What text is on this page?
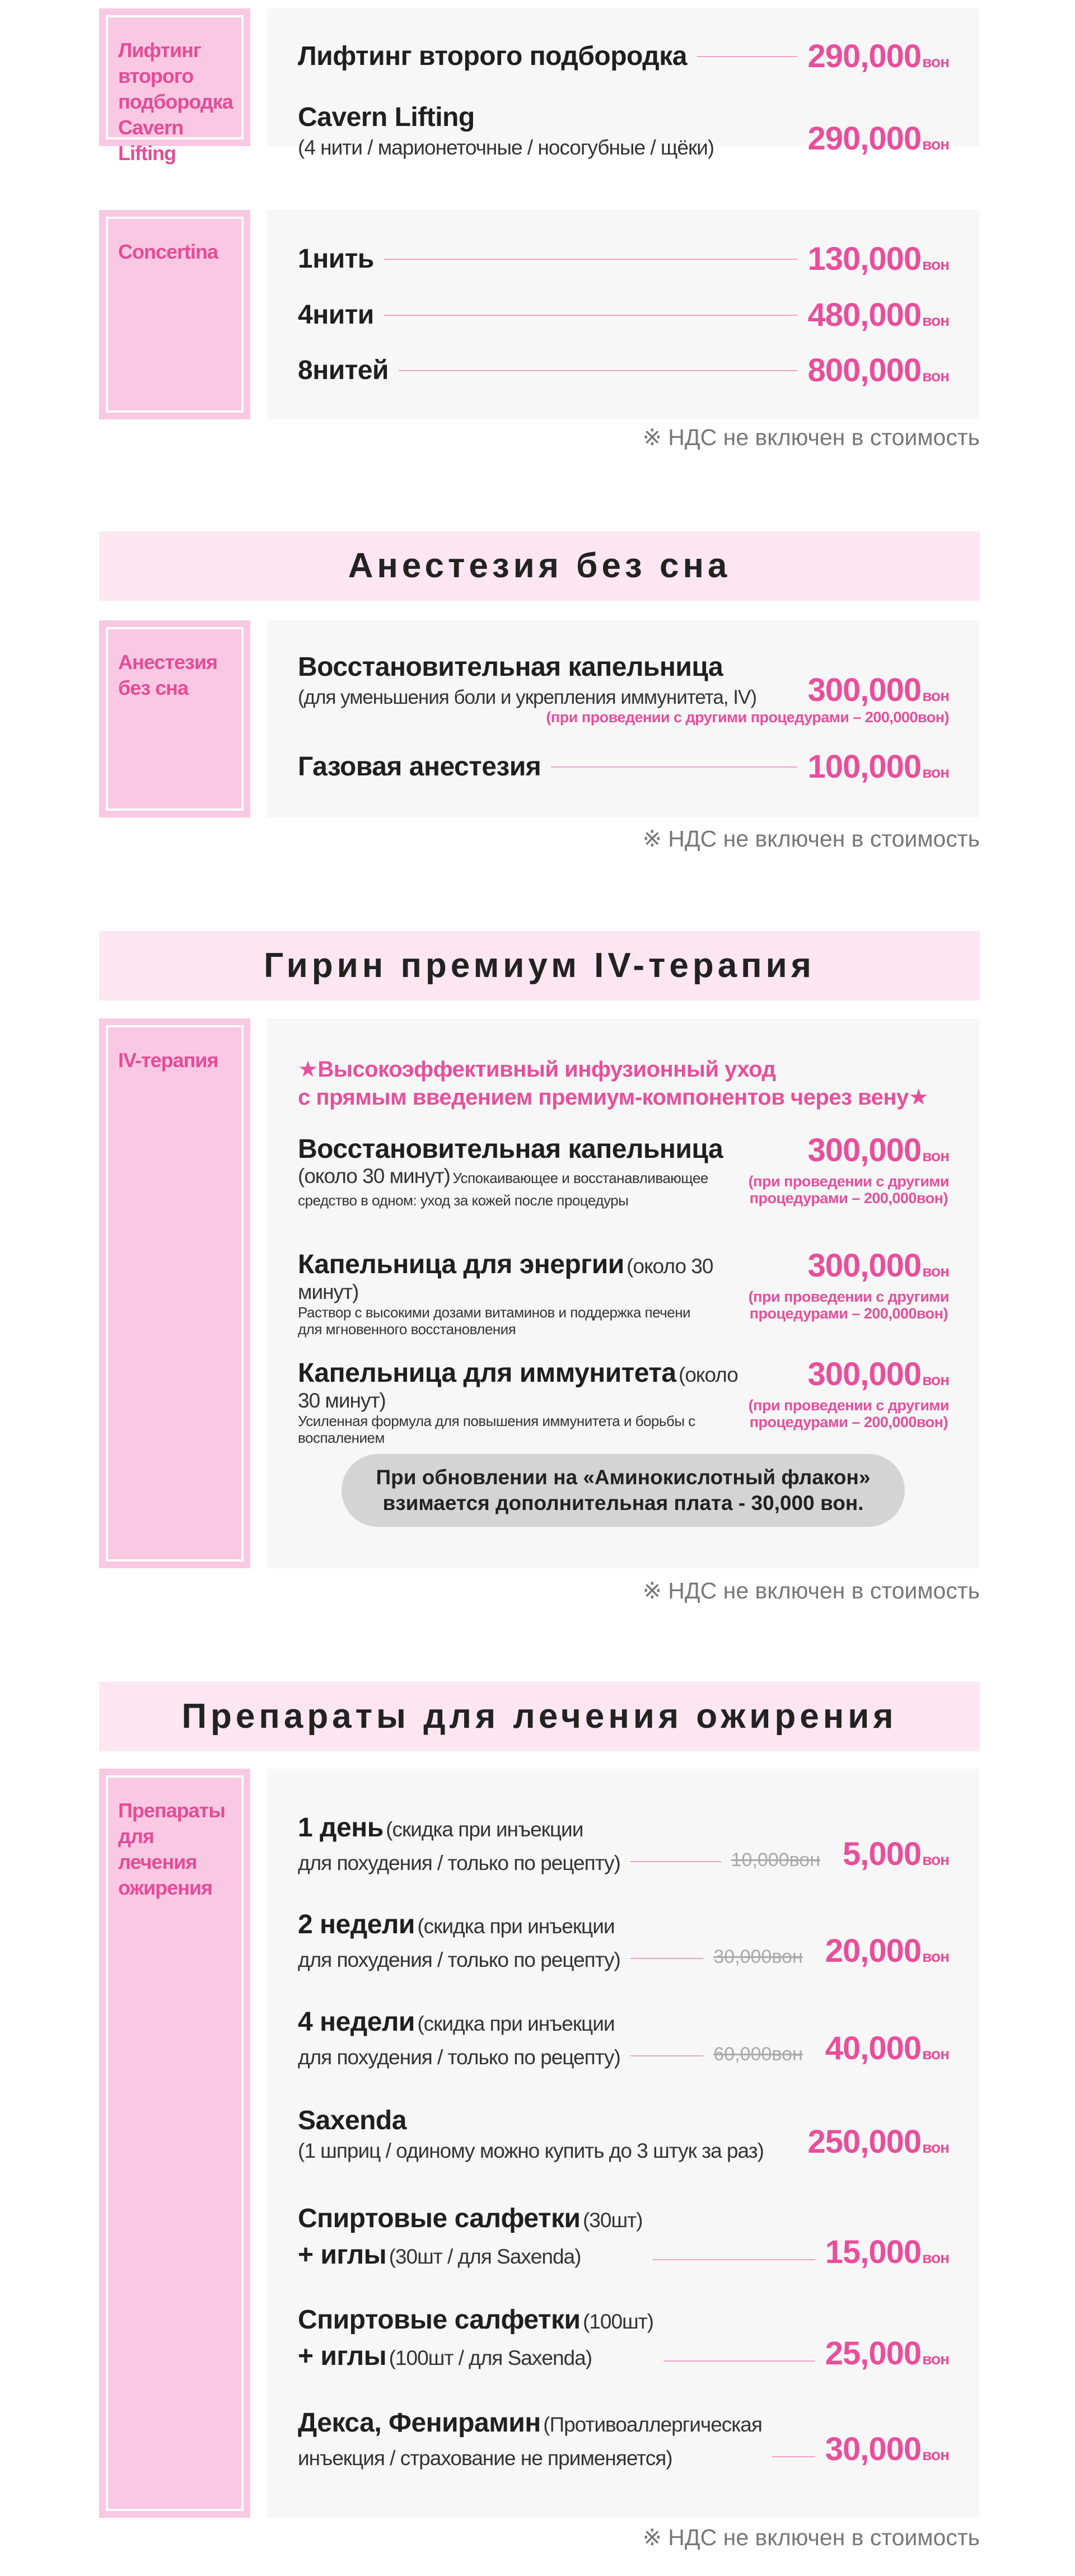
Лифтинг второго подбородка Cavern Lifting
Лифтинг второго подбородка	290,000вон
Cavern Lifting
(4 нити / марионеточные / носогубные / щёки)	290,000вон
Concertina	1нить	130,000вон
4нити	480,000вон
8нитей	800,000вон
※ НДС не включен в стоимость
Анестезия без сна
Анестезия без сна
Восстановительная капельница
(для уменьшения боли и укрепления иммунитета, IV)	300,000вон
(при проведении с другими процедурами – 200,000вон)
Газовая анестезия	100,000вон
※ НДС не включен в стоимость
Гирин премиум IV-терапия
IV-терапия	★Высокоэффективный инфузионный уход
с прямым введением премиум-компонентов через вену★
Восстановительная капельница
(около 30 минут) Успокаивающее и восстанавливающее
средство в одном: уход за кожей после процедуры
300,000вон
(при проведении с другими
процедурами – 200,000вон)
Капельница для энергии (около 30 минут)
Раствор с высокими дозами витаминов и поддержка печени
для мгновенного восстановления
300,000вон
(при проведении с другими
процедурами – 200,000вон)
Капельница для иммунитета (около 30 минут)
Усиленная формула для повышения иммунитета и борьбы с воспалением
300,000вон
(при проведении с другими
процедурами – 200,000вон)
При обновлении на «Аминокислотный флакон»
взимается дополнительная плата - 30,000 вон.
※ НДС не включен в стоимость
Препараты для лечения ожирения
Препараты для лечения ожирения
1 день (скидка при инъекции
для похудения / только по рецепту)	10,000вон 5,000вон
2 недели (скидка при инъекции
для похудения / только по рецепту)	30,000вон 20,000вон
4 недели (скидка при инъекции
для похудения / только по рецепту)	60,000вон 40,000вон
Saxenda
(1 шприц / одиному можно купить до 3 штук за раз)	250,000вон
Спиртовые салфетки (30шт)
+ иглы (30шт / для Saxenda)	15,000вон
Спиртовые салфетки (100шт)
+ иглы (100шт / для Saxenda)	25,000вон
Декса, Фенирамин (Противоаллергическая
инъекция / страхование не применяется)	30,000вон
※ НДС не включен в стоимость
